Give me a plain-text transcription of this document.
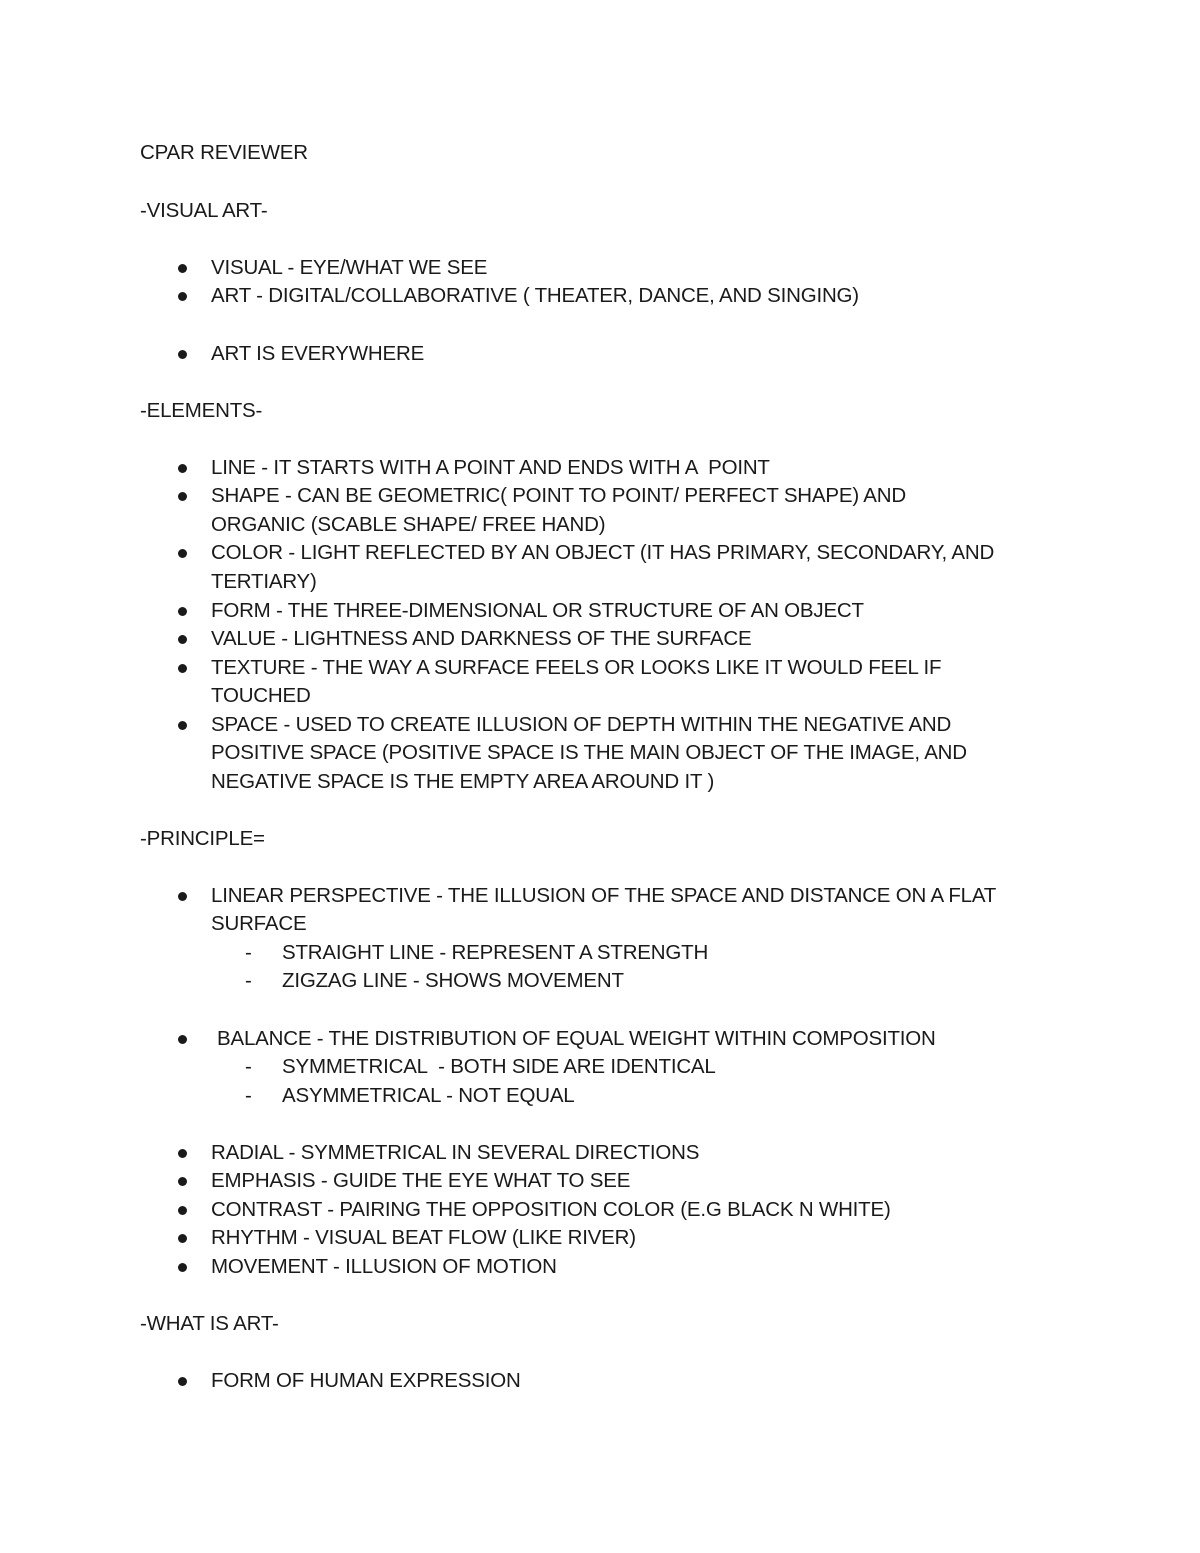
CPAR REVIEWER
-VISUAL ART-
VISUAL - EYE/WHAT WE SEE
ART - DIGITAL/COLLABORATIVE ( THEATER, DANCE, AND SINGING)
ART IS EVERYWHERE
-ELEMENTS-
LINE - IT STARTS WITH A POINT AND ENDS WITH A  POINT
SHAPE - CAN BE GEOMETRIC( POINT TO POINT/ PERFECT SHAPE) AND
ORGANIC (SCABLE SHAPE/ FREE HAND)
COLOR - LIGHT REFLECTED BY AN OBJECT (IT HAS PRIMARY, SECONDARY, AND
TERTIARY)
FORM - THE THREE-DIMENSIONAL OR STRUCTURE OF AN OBJECT
VALUE - LIGHTNESS AND DARKNESS OF THE SURFACE
TEXTURE - THE WAY A SURFACE FEELS OR LOOKS LIKE IT WOULD FEEL IF
TOUCHED
SPACE - USED TO CREATE ILLUSION OF DEPTH WITHIN THE NEGATIVE AND
POSITIVE SPACE (POSITIVE SPACE IS THE MAIN OBJECT OF THE IMAGE, AND
NEGATIVE SPACE IS THE EMPTY AREA AROUND IT )
-PRINCIPLE=
LINEAR PERSPECTIVE - THE ILLUSION OF THE SPACE AND DISTANCE ON A FLAT
SURFACE
- STRAIGHT LINE - REPRESENT A STRENGTH
- ZIGZAG LINE - SHOWS MOVEMENT
BALANCE - THE DISTRIBUTION OF EQUAL WEIGHT WITHIN COMPOSITION
- SYMMETRICAL  - BOTH SIDE ARE IDENTICAL
- ASYMMETRICAL - NOT EQUAL
RADIAL - SYMMETRICAL IN SEVERAL DIRECTIONS
EMPHASIS - GUIDE THE EYE WHAT TO SEE
CONTRAST - PAIRING THE OPPOSITION COLOR (E.G BLACK N WHITE)
RHYTHM - VISUAL BEAT FLOW (LIKE RIVER)
MOVEMENT - ILLUSION OF MOTION
-WHAT IS ART-
FORM OF HUMAN EXPRESSION
